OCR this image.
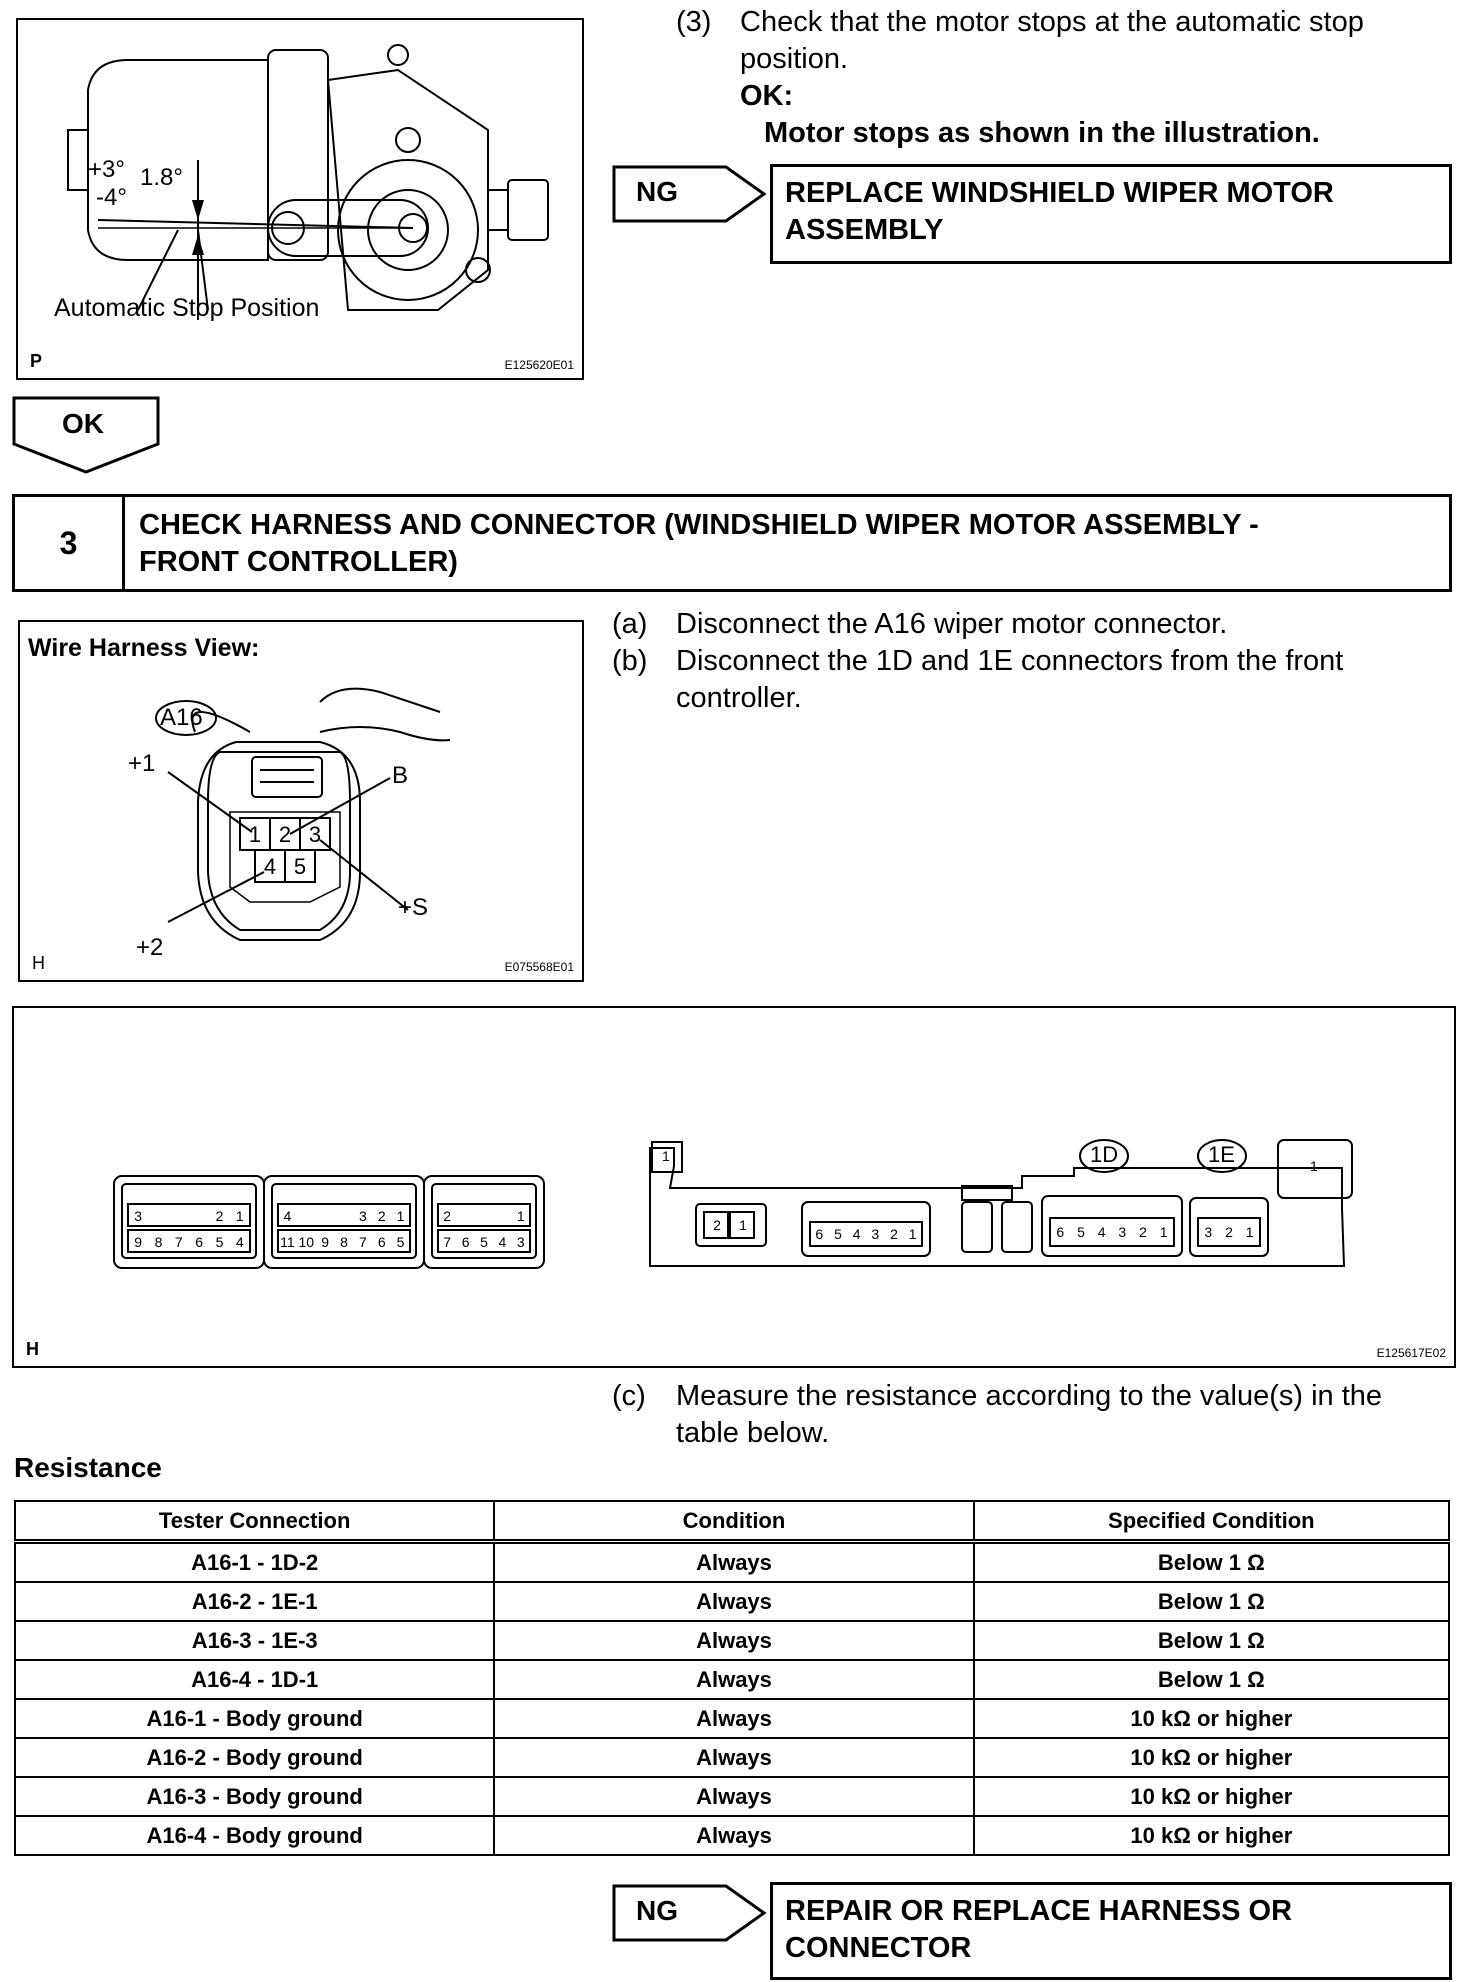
+3°
-4°
1.8°
Automatic Stop Position
P	E125620E01
(3) Check that the motor stops at the automatic stop
position.
OK:
Motor stops as shown in the illustration.
NG	REPLACE WINDSHIELD WIPER MOTOR
ASSEMBLY
OK
3	CHECK HARNESS AND CONNECTOR (WINDSHIELD WIPER MOTOR ASSEMBLY -
FRONT CONTROLLER)
Wire Harness View:
1 2 3
4 5
A16
+1	B
+S
+2
H	E075568E01
(a) Disconnect the A16 wiper motor connector.
(b) Disconnect the 1D and 1E connectors from the front
controller.
9 8 7 6 5 4
3	2 1
11 10 9 8 7 6 5
4	3 2 1
7 6 5 4 3
2	1
2 1
6 5 4 3 2 1	6 5 4 3 2 1	3 2 1
1	1D	1E	1
H	E125617E02
(c) Measure the resistance according to the value(s) in the
table below.
Resistance
Tester Connection	Condition	Specified Condition
A16-1 - 1D-2	Always	Below 1 Ω
A16-2 - 1E-1	Always	Below 1 Ω
A16-3 - 1E-3	Always	Below 1 Ω
A16-4 - 1D-1	Always	Below 1 Ω
A16-1 - Body ground	Always	10 kΩ or higher
A16-2 - Body ground	Always	10 kΩ or higher
A16-3 - Body ground	Always	10 kΩ or higher
A16-4 - Body ground	Always	10 kΩ or higher
NG	REPAIR OR REPLACE HARNESS OR
CONNECTOR
